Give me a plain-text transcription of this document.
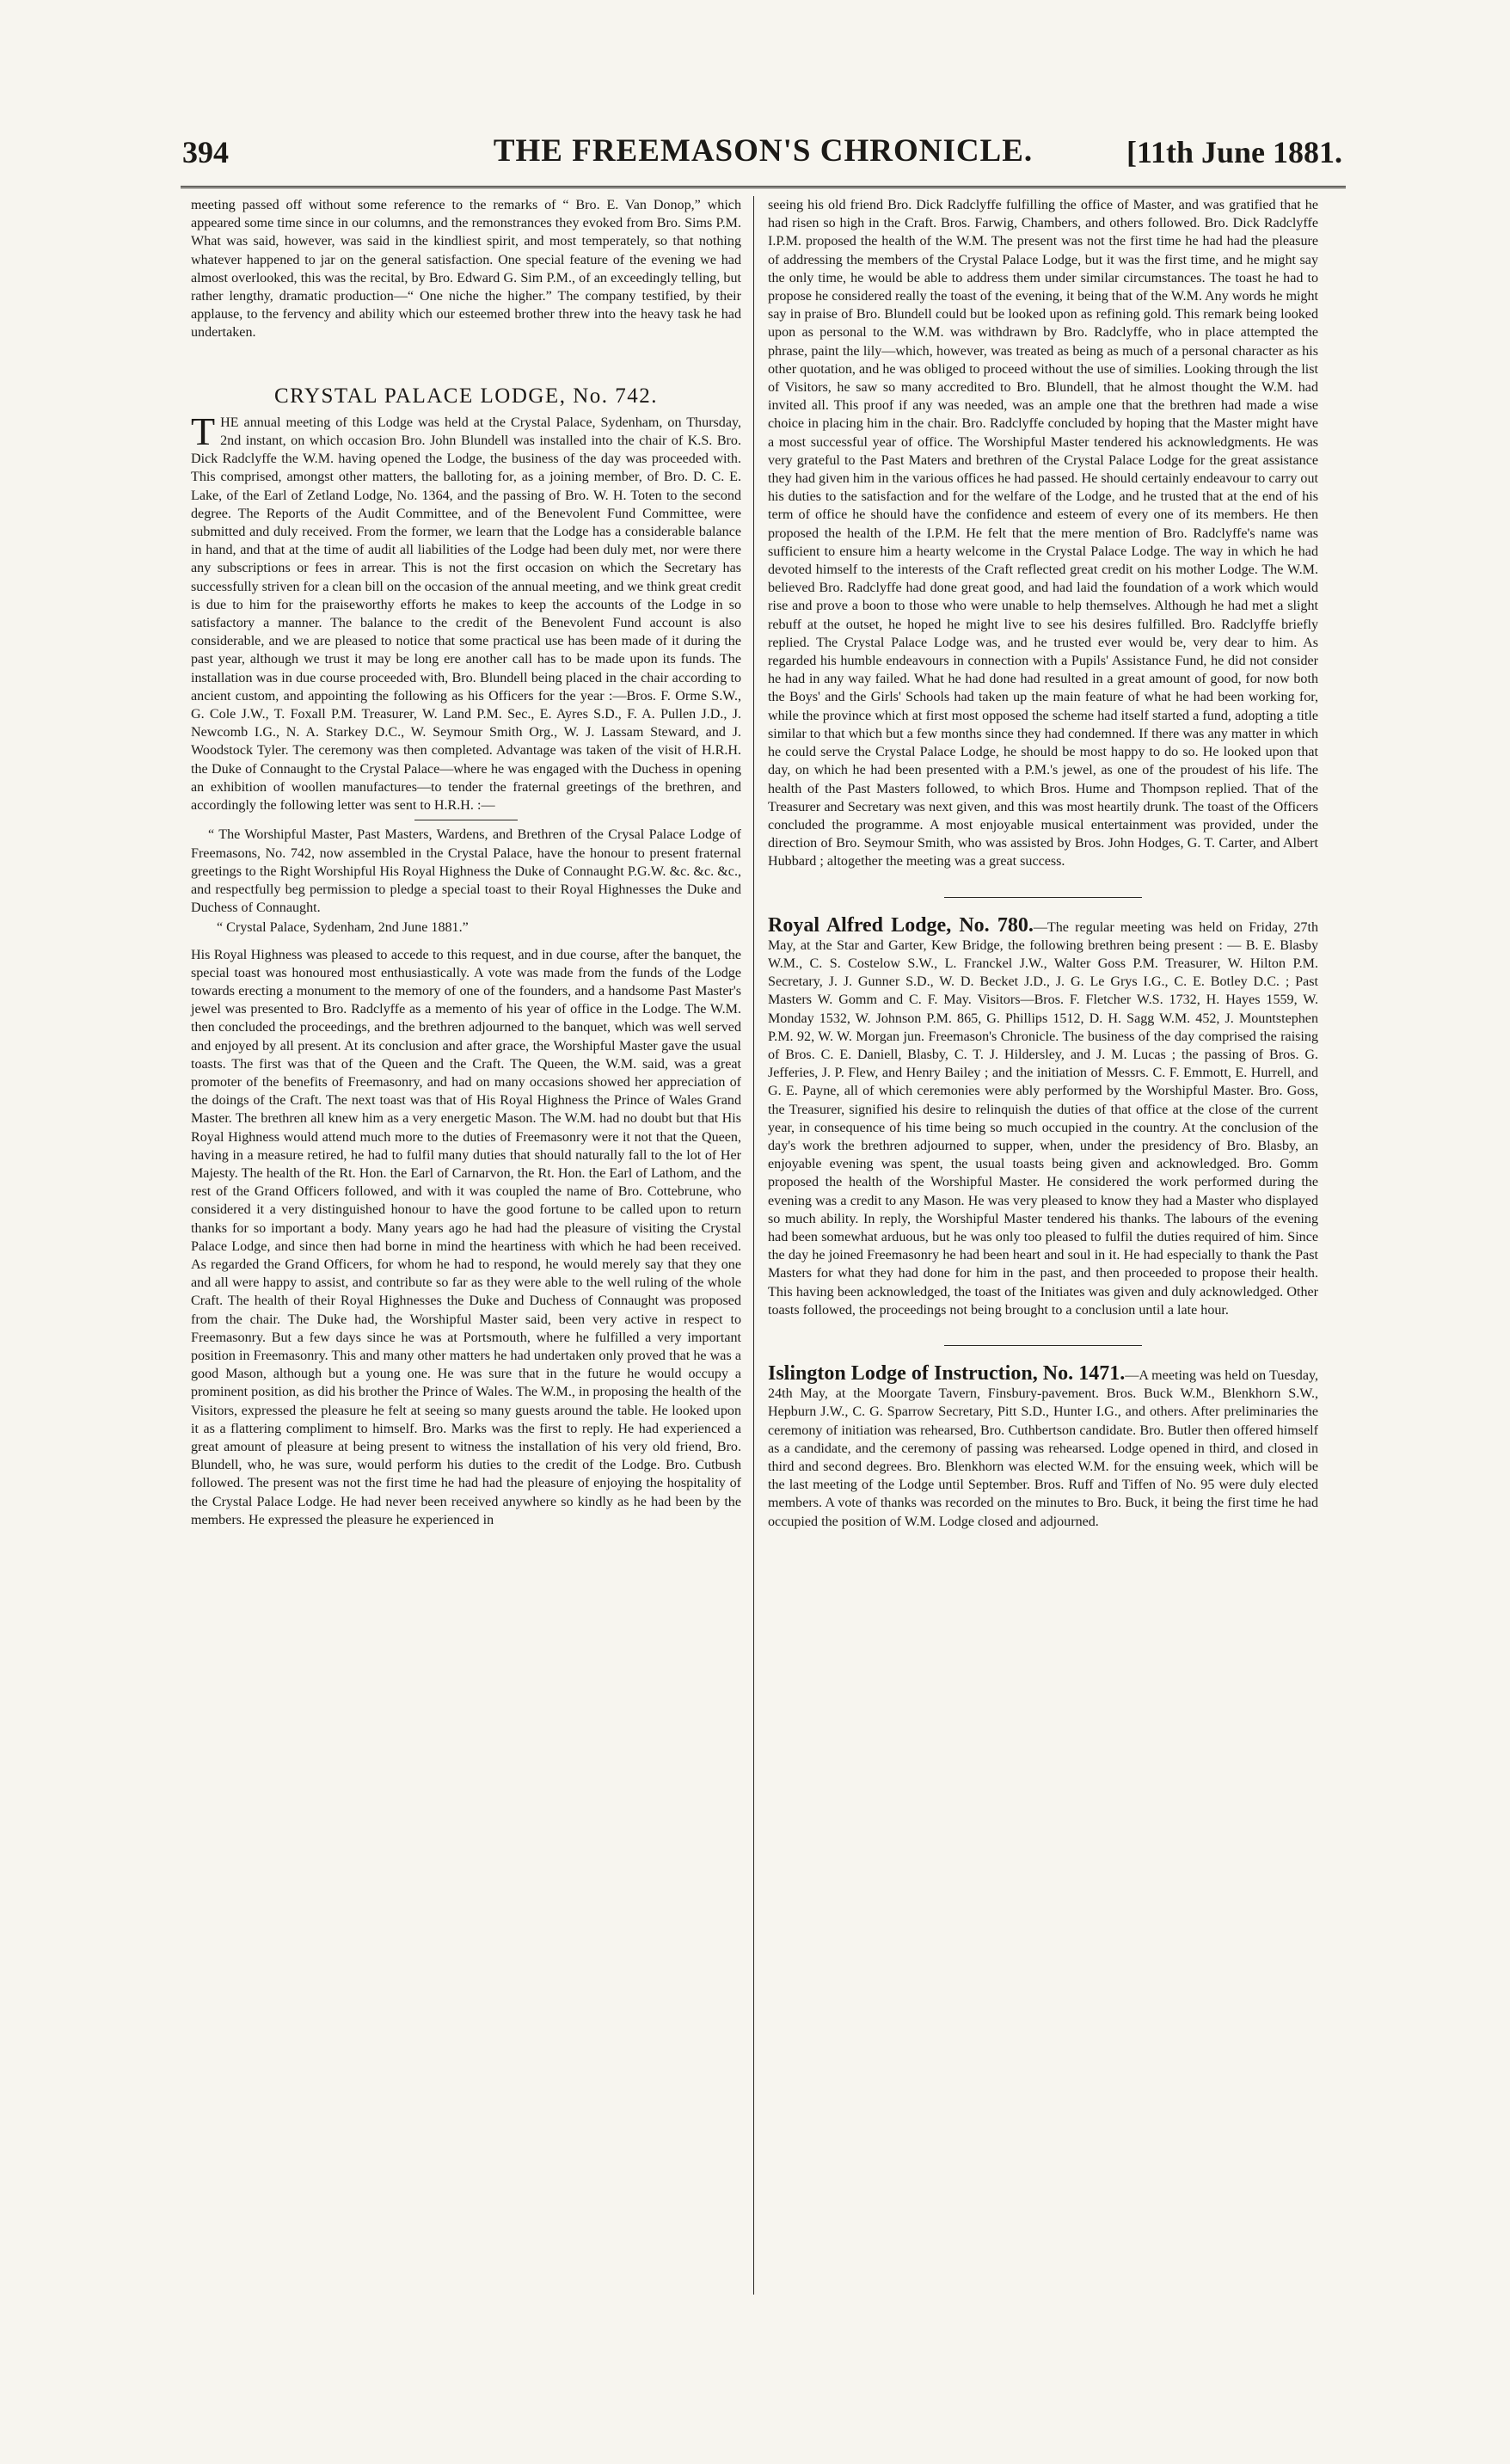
394	THE FREEMASON'S CHRONICLE.	[11th June 1881.

meeting passed off without some reference to the remarks of “ Bro. E. Van Donop,” which appeared some time since in our columns, and the remonstrances they evoked from Bro. Sims P.M. What was said, however, was said in the kindliest spirit, and most temperately, so that nothing whatever happened to jar on the general satisfaction. One special feature of the evening we had almost overlooked, this was the recital, by Bro. Edward G. Sim P.M., of an exceedingly telling, but rather lengthy, dramatic production—“ One niche the higher.” The company testified, by their applause, to the fervency and ability which our esteemed brother threw into the heavy task he had undertaken.

CRYSTAL PALACE LODGE, No. 742.

THE annual meeting of this Lodge was held at the Crystal Palace, Sydenham, on Thursday, 2nd instant, on which occasion Bro. John Blundell was installed into the chair of K.S. Bro. Dick Radclyffe the W.M. having opened the Lodge, the business of the day was proceeded with. This comprised, amongst other matters, the balloting for, as a joining member, of Bro. D. C. E. Lake, of the Earl of Zetland Lodge, No. 1364, and the passing of Bro. W. H. Toten to the second degree. The Reports of the Audit Committee, and of the Benevolent Fund Committee, were submitted and duly received. From the former, we learn that the Lodge has a considerable balance in hand, and that at the time of audit all liabilities of the Lodge had been duly met, nor were there any subscriptions or fees in arrear. This is not the first occasion on which the Secretary has successfully striven for a clean bill on the occasion of the annual meeting, and we think great credit is due to him for the praiseworthy efforts he makes to keep the accounts of the Lodge in so satisfactory a manner. The balance to the credit of the Benevolent Fund account is also considerable, and we are pleased to notice that some practical use has been made of it during the past year, although we trust it may be long ere another call has to be made upon its funds. The installation was in due course proceeded with, Bro. Blundell being placed in the chair according to ancient custom, and appointing the following as his Officers for the year :—Bros. F. Orme S.W., G. Cole J.W., T. Foxall P.M. Treasurer, W. Land P.M. Sec., E. Ayres S.D., F. A. Pullen J.D., J. Newcomb I.G., N. A. Starkey D.C., W. Seymour Smith Org., W. J. Lassam Steward, and J. Woodstock Tyler. The ceremony was then completed. Advantage was taken of the visit of H.R.H. the Duke of Connaught to the Crystal Palace—where he was engaged with the Duchess in opening an exhibition of woollen manufactures—to tender the fraternal greetings of the brethren, and accordingly the following letter was sent to H.R.H. :—

“ The Worshipful Master, Past Masters, Wardens, and Brethren of the Crysal Palace Lodge of Freemasons, No. 742, now assembled in the Crystal Palace, have the honour to present fraternal greetings to the Right Worshipful His Royal Highness the Duke of Connaught P.G.W. &c. &c. &c., and respectfully beg permission to pledge a special toast to their Royal Highnesses the Duke and Duchess of Connaught.

“ Crystal Palace, Sydenham, 2nd June 1881.”

His Royal Highness was pleased to accede to this request, and in due course, after the banquet, the special toast was honoured most enthusiastically. A vote was made from the funds of the Lodge towards erecting a monument to the memory of one of the founders, and a handsome Past Master's jewel was presented to Bro. Radclyffe as a memento of his year of office in the Lodge. The W.M. then concluded the proceedings, and the brethren adjourned to the banquet, which was well served and enjoyed by all present. At its conclusion and after grace, the Worshipful Master gave the usual toasts. The first was that of the Queen and the Craft. The Queen, the W.M. said, was a great promoter of the benefits of Freemasonry, and had on many occasions showed her appreciation of the doings of the Craft. The next toast was that of His Royal Highness the Prince of Wales Grand Master. The brethren all knew him as a very energetic Mason. The W.M. had no doubt but that His Royal Highness would attend much more to the duties of Freemasonry were it not that the Queen, having in a measure retired, he had to fulfil many duties that should naturally fall to the lot of Her Majesty. The health of the Rt. Hon. the Earl of Carnarvon, the Rt. Hon. the Earl of Lathom, and the rest of the Grand Officers followed, and with it was coupled the name of Bro. Cottebrune, who considered it a very distinguished honour to have the good fortune to be called upon to return thanks for so important a body. Many years ago he had had the pleasure of visiting the Crystal Palace Lodge, and since then had borne in mind the heartiness with which he had been received. As regarded the Grand Officers, for whom he had to respond, he would merely say that they one and all were happy to assist, and contribute so far as they were able to the well ruling of the whole Craft. The health of their Royal Highnesses the Duke and Duchess of Connaught was proposed from the chair. The Duke had, the Worshipful Master said, been very active in respect to Freemasonry. But a few days since he was at Portsmouth, where he fulfilled a very important position in Freemasonry. This and many other matters he had undertaken only proved that he was a good Mason, although but a young one. He was sure that in the future he would occupy a prominent position, as did his brother the Prince of Wales. The W.M., in proposing the health of the Visitors, expressed the pleasure he felt at seeing so many guests around the table. He looked upon it as a flattering compliment to himself. Bro. Marks was the first to reply. He had experienced a great amount of pleasure at being present to witness the installation of his very old friend, Bro. Blundell, who, he was sure, would perform his duties to the credit of the Lodge. Bro. Cutbush followed. The present was not the first time he had had the pleasure of enjoying the hospitality of the Crystal Palace Lodge. He had never been received anywhere so kindly as he had been by the members. He expressed the pleasure he experienced in

seeing his old friend Bro. Dick Radclyffe fulfilling the office of Master, and was gratified that he had risen so high in the Craft. Bros. Farwig, Chambers, and others followed. Bro. Dick Radclyffe I.P.M. proposed the health of the W.M. The present was not the first time he had had the pleasure of addressing the members of the Crystal Palace Lodge, but it was the first time, and he might say the only time, he would be able to address them under similar circumstances. The toast he had to propose he considered really the toast of the evening, it being that of the W.M. Any words he might say in praise of Bro. Blundell could but be looked upon as refining gold. This remark being looked upon as personal to the W.M. was withdrawn by Bro. Radclyffe, who in place attempted the phrase, paint the lily—which, however, was treated as being as much of a personal character as his other quotation, and he was obliged to proceed without the use of similies. Looking through the list of Visitors, he saw so many accredited to Bro. Blundell, that he almost thought the W.M. had invited all. This proof if any was needed, was an ample one that the brethren had made a wise choice in placing him in the chair. Bro. Radclyffe concluded by hoping that the Master might have a most successful year of office. The Worshipful Master tendered his acknowledgments. He was very grateful to the Past Maters and brethren of the Crystal Palace Lodge for the great assistance they had given him in the various offices he had passed. He should certainly endeavour to carry out his duties to the satisfaction and for the welfare of the Lodge, and he trusted that at the end of his term of office he should have the confidence and esteem of every one of its members. He then proposed the health of the I.P.M. He felt that the mere mention of Bro. Radclyffe's name was sufficient to ensure him a hearty welcome in the Crystal Palace Lodge. The way in which he had devoted himself to the interests of the Craft reflected great credit on his mother Lodge. The W.M. believed Bro. Radclyffe had done great good, and had laid the foundation of a work which would rise and prove a boon to those who were unable to help themselves. Although he had met a slight rebuff at the outset, he hoped he might live to see his desires fulfilled. Bro. Radclyffe briefly replied. The Crystal Palace Lodge was, and he trusted ever would be, very dear to him. As regarded his humble endeavours in connection with a Pupils' Assistance Fund, he did not consider he had in any way failed. What he had done had resulted in a great amount of good, for now both the Boys' and the Girls' Schools had taken up the main feature of what he had been working for, while the province which at first most opposed the scheme had itself started a fund, adopting a title similar to that which but a few months since they had condemned. If there was any matter in which he could serve the Crystal Palace Lodge, he should be most happy to do so. He looked upon that day, on which he had been presented with a P.M.'s jewel, as one of the proudest of his life. The health of the Past Masters followed, to which Bros. Hume and Thompson replied. That of the Treasurer and Secretary was next given, and this was most heartily drunk. The toast of the Officers concluded the programme. A most enjoyable musical entertainment was provided, under the direction of Bro. Seymour Smith, who was assisted by Bros. John Hodges, G. T. Carter, and Albert Hubbard ; altogether the meeting was a great success.

Royal Alfred Lodge, No. 780.—The regular meeting was held on Friday, 27th May, at the Star and Garter, Kew Bridge, the following brethren being present : — B. E. Blasby W.M., C. S. Costelow S.W., L. Franckel J.W., Walter Goss P.M. Treasurer, W. Hilton P.M. Secretary, J. J. Gunner S.D., W. D. Becket J.D., J. G. Le Grys I.G., C. E. Botley D.C. ; Past Masters W. Gomm and C. F. May. Visitors—Bros. F. Fletcher W.S. 1732, H. Hayes 1559, W. Monday 1532, W. Johnson P.M. 865, G. Phillips 1512, D. H. Sagg W.M. 452, J. Mountstephen P.M. 92, W. W. Morgan jun. Freemason's Chronicle. The business of the day comprised the raising of Bros. C. E. Daniell, Blasby, C. T. J. Hildersley, and J. M. Lucas ; the passing of Bros. G. Jefferies, J. P. Flew, and Henry Bailey ; and the initiation of Messrs. C. F. Emmott, E. Hurrell, and G. E. Payne, all of which ceremonies were ably performed by the Worshipful Master. Bro. Goss, the Treasurer, signified his desire to relinquish the duties of that office at the close of the current year, in consequence of his time being so much occupied in the country. At the conclusion of the day's work the brethren adjourned to supper, when, under the presidency of Bro. Blasby, an enjoyable evening was spent, the usual toasts being given and acknowledged. Bro. Gomm proposed the health of the Worshipful Master. He considered the work performed during the evening was a credit to any Mason. He was very pleased to know they had a Master who displayed so much ability. In reply, the Worshipful Master tendered his thanks. The labours of the evening had been somewhat arduous, but he was only too pleased to fulfil the duties required of him. Since the day he joined Freemasonry he had been heart and soul in it. He had especially to thank the Past Masters for what they had done for him in the past, and then proceeded to propose their health. This having been acknowledged, the toast of the Initiates was given and duly acknowledged. Other toasts followed, the proceedings not being brought to a conclusion until a late hour.

Islington Lodge of Instruction, No. 1471.—A meeting was held on Tuesday, 24th May, at the Moorgate Tavern, Finsbury-pavement. Bros. Buck W.M., Blenkhorn S.W., Hepburn J.W., C. G. Sparrow Secretary, Pitt S.D., Hunter I.G., and others. After preliminaries the ceremony of initiation was rehearsed, Bro. Cuthbertson candidate. Bro. Butler then offered himself as a candidate, and the ceremony of passing was rehearsed. Lodge opened in third, and closed in third and second degrees. Bro. Blenkhorn was elected W.M. for the ensuing week, which will be the last meeting of the Lodge until September. Bros. Ruff and Tiffen of No. 95 were duly elected members. A vote of thanks was recorded on the minutes to Bro. Buck, it being the first time he had occupied the position of W.M. Lodge closed and adjourned.
